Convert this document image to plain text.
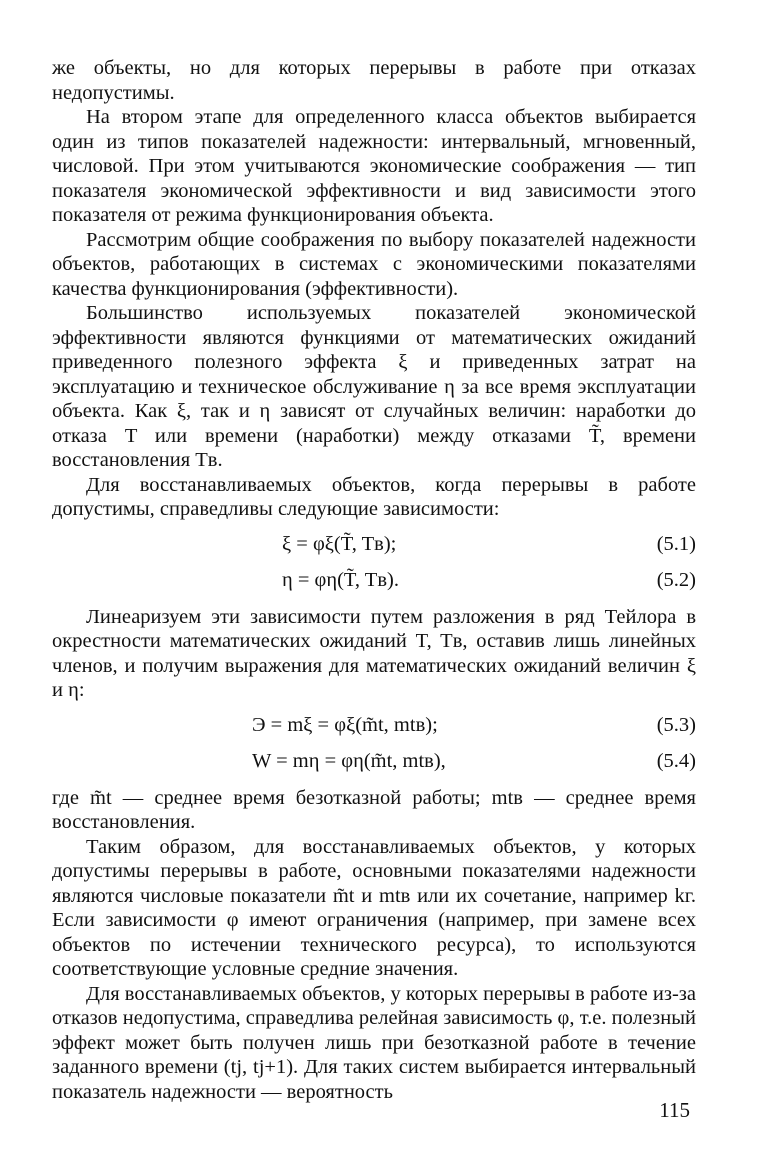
же объекты, но для которых перерывы в работе при отказах недопустимы.

На втором этапе для определенного класса объектов выбирается один из типов показателей надежности: интервальный, мгновенный, числовой. При этом учитываются экономические соображения — тип показателя экономической эффективности и вид зависимости этого показателя от режима функционирования объекта.

Рассмотрим общие соображения по выбору показателей надежности объектов, работающих в системах с экономическими показателями качества функционирования (эффективности).

Большинство используемых показателей экономической эффективности являются функциями от математических ожиданий приведенного полезного эффекта ξ и приведенных затрат на эксплуатацию и техническое обслуживание η за все время эксплуатации объекта. Как ξ, так и η зависят от случайных величин: наработки до отказа T или времени (наработки) между отказами T̃, времени восстановления Tв.

Для восстанавливаемых объектов, когда перерывы в работе допустимы, справедливы следующие зависимости:

ξ = φξ(T̃, Tв);	(5.1)
η = φη(T̃, Tв).	(5.2)

Линеаризуем эти зависимости путем разложения в ряд Тейлора в окрестности математических ожиданий T, Tв, оставив лишь линейных членов, и получим выражения для математических ожиданий величин ξ и η:

Э = mξ = φξ(m̃t, mtв);	(5.3)
W = mη = φη(m̃t, mtв),	(5.4)

где m̃t — среднее время безотказной работы; mtв — среднее время восстановления.

Таким образом, для восстанавливаемых объектов, у которых допустимы перерывы в работе, основными показателями надежности являются числовые показатели m̃t и mtв или их сочетание, например kг. Если зависимости φ имеют ограничения (например, при замене всех объектов по истечении технического ресурса), то используются соответствующие условные средние значения.

Для восстанавливаемых объектов, у которых перерывы в работе из-за отказов недопустима, справедлива релейная зависимость φ, т.е. полезный эффект может быть получен лишь при безотказной работе в течение заданного времени (tj, tj+1). Для таких систем выбирается интервальный показатель надежности — вероятность

115
